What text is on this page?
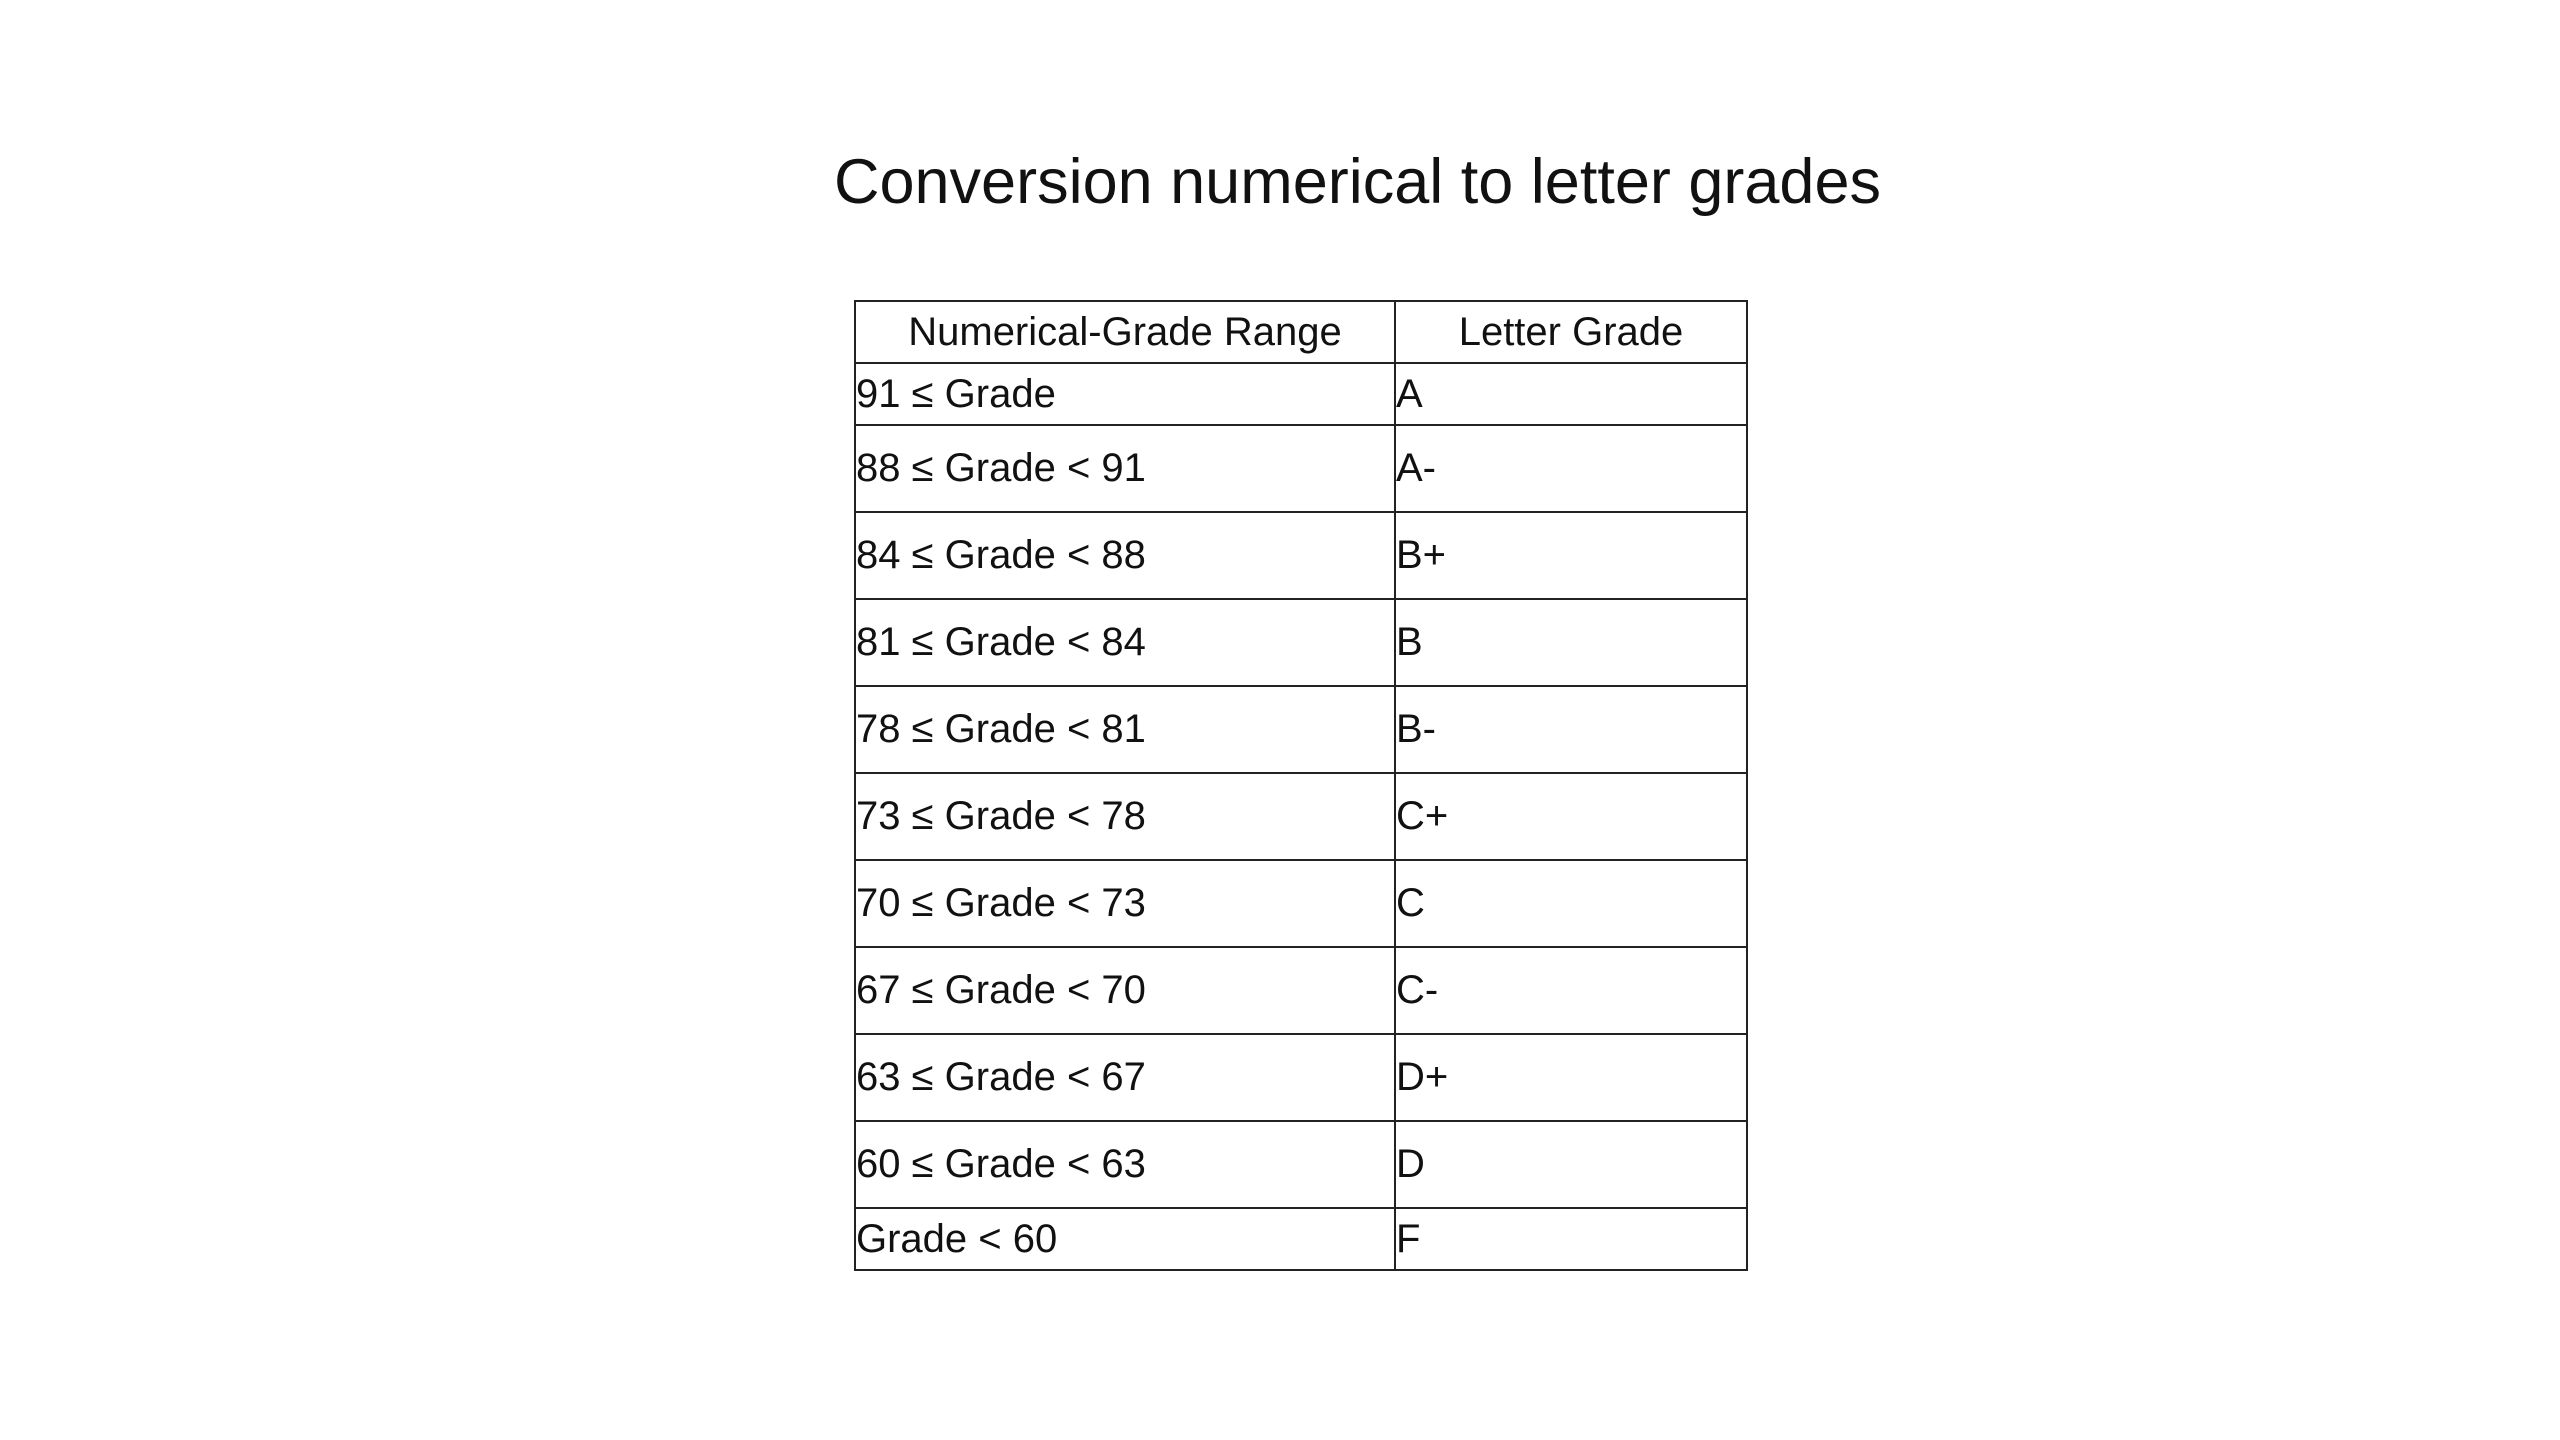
Conversion numerical to letter grades
Numerical-Grade Range	Letter Grade
91 ≤ Grade	A
88 ≤ Grade < 91	A-
84 ≤ Grade < 88	B+
81 ≤ Grade < 84	B
78 ≤ Grade < 81	B-
73 ≤ Grade < 78	C+
70 ≤ Grade < 73	C
67 ≤ Grade < 70	C-
63 ≤ Grade < 67	D+
60 ≤ Grade < 63	D
Grade < 60	F
